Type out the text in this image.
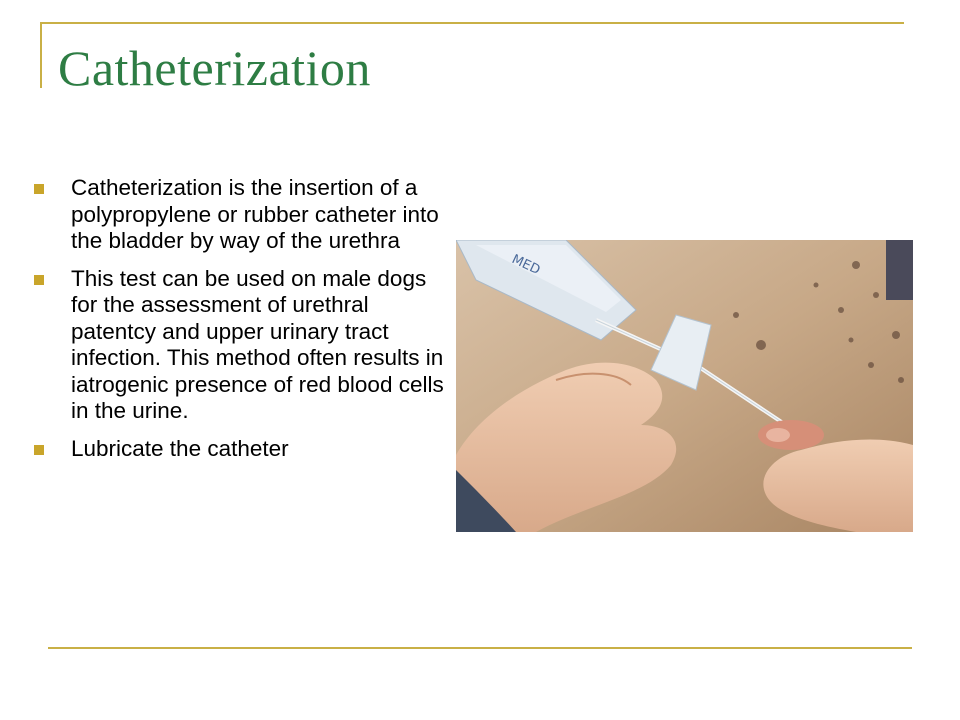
Catheterization
Catheterization is the insertion of a polypropylene or rubber catheter into the bladder by way of the urethra
This test can be used on male dogs for the assessment of urethral patentcy and upper urinary tract infection. This method often results in iatrogenic presence of red blood cells in the urine.
Lubricate the catheter
MED
